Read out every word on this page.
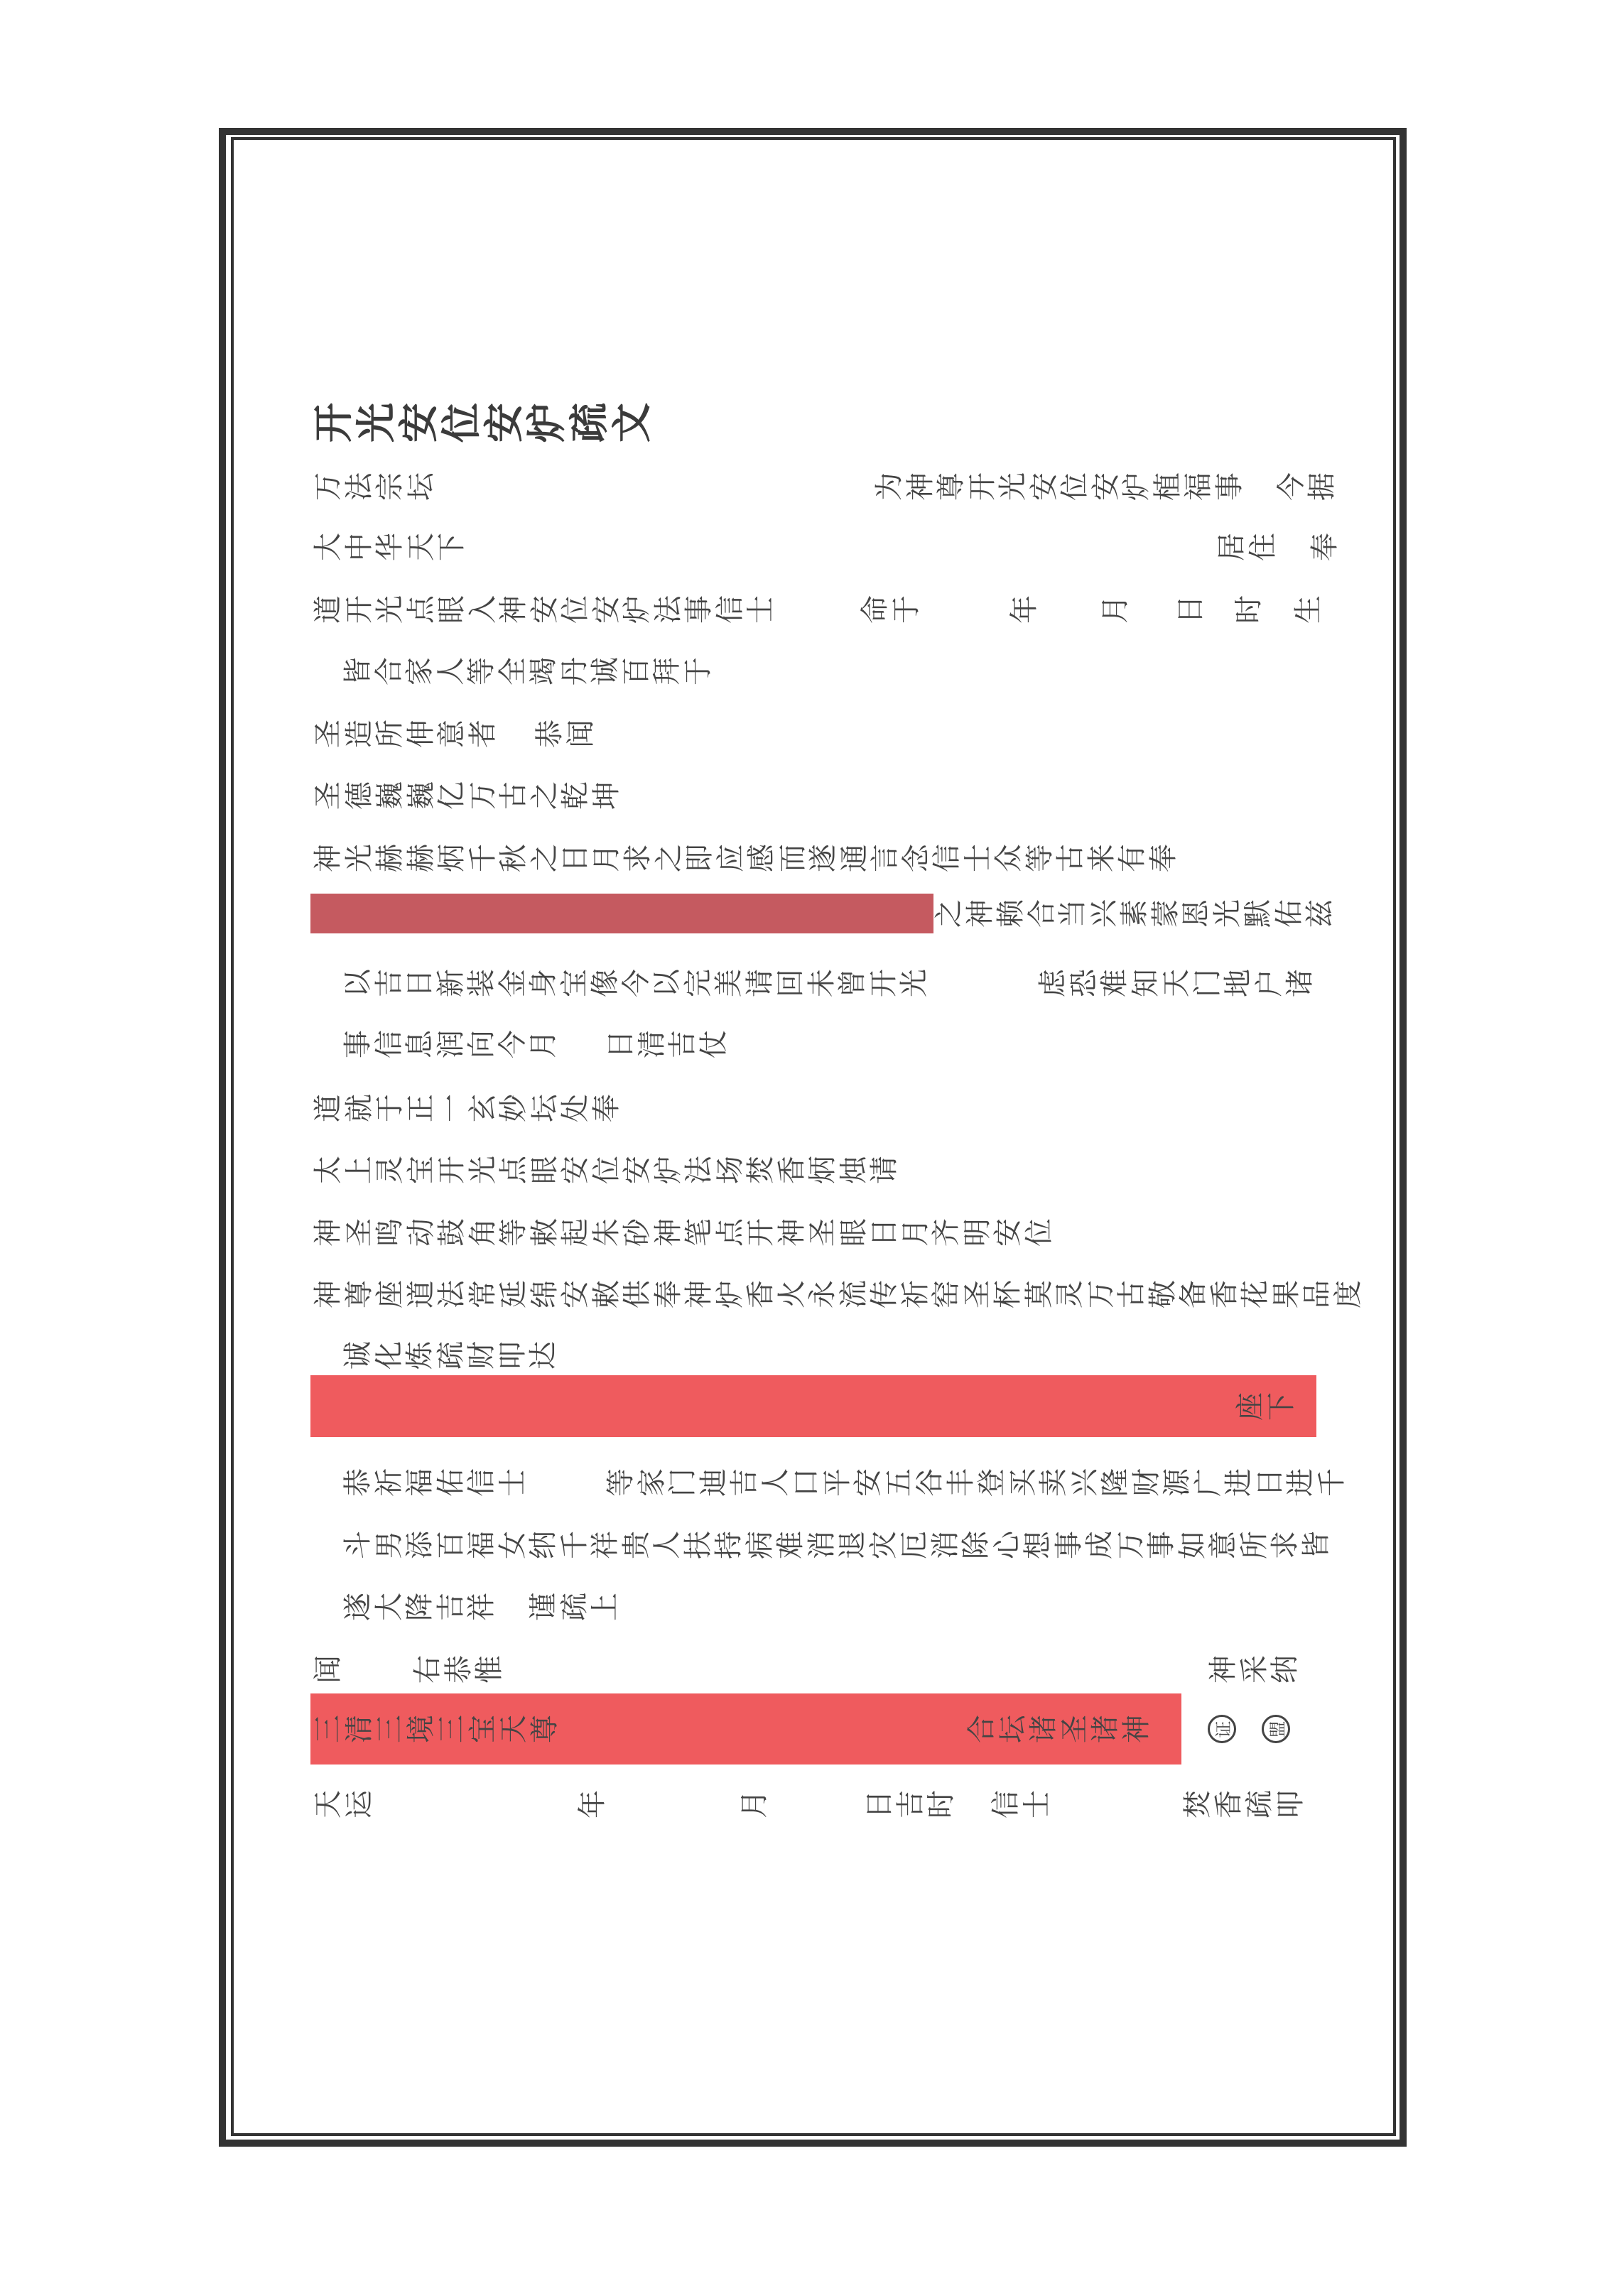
万
法
宗
坛	为
神
尊
开
光
安
位
安
炉
植
福
事
今
据
大
中
华
天
下	居
住
奉
道
开
光
点
眼
入
神
安
位
安
炉
法
事
信
士	命
于	年 月 日 时 生
皆
合
家
人
等
全
竭
丹
诚
百
拜
于
圣
造
所
伸
意
者 恭
闻
圣
德
巍
巍
亿
万
古
之
乾
坤
神
光
赫
赫
炳
千
秋
之
日
月
求
之
即
应
感
而
遂
通
言
念
信
士
众
等
古
来
有
奉
之
神
赖
合
当
兴
素
蒙
恩
光
默
佑
兹
以
吉
日
新
装
金
身
宝
像
今
以
完
美
请
回
未
曾
开
光	虑
恐
难
知
天
门
地
户
诸
事
信
息
润
向
今
月 日
清
吉
仗
道
就
于
正
一
玄
妙
坛
处
奉
太
上
灵
宝
开
光
点
眼
安
位
安
炉
法
场
焚
香
炳
烛
请
神
圣
鸣
动
鼓
角
等
敕
起
朱
砂
神
笔
点
开
神
圣
眼
日
月
齐
明
安
位
神
尊
座
道
法
常
延
绵
安
敕
供
奉
神
炉
香
火
永
流
传
祈
窑
圣
杯
莫
灵
万
古
敬
备
香
花
果
品
度
诚
化
炼
疏
财
叩
达
座
下
恭
祈
福
佑
信
士	等
家
门
迪
吉
人
口
平
安
五
谷
丰
登
买
卖
兴
隆
财
源
广
进
日
进
千
斗
男
添
百
福
女
纳
千
祥
贵
人
扶
持
病
难
消
退
灾
厄
消
除
心
想
事
成
万
事
如
意
所
求
皆
遂
大
降
吉
祥
谨
疏
上
闻 右
恭
惟	神
采
纳
三
清
三
境
三
宝
天
尊	合
坛
诸
圣
诸
神	证 盟
天
运	年	月	日
吉
时 信
士	焚
香
疏
叩
开
光
安
位
安
炉
疏
文
